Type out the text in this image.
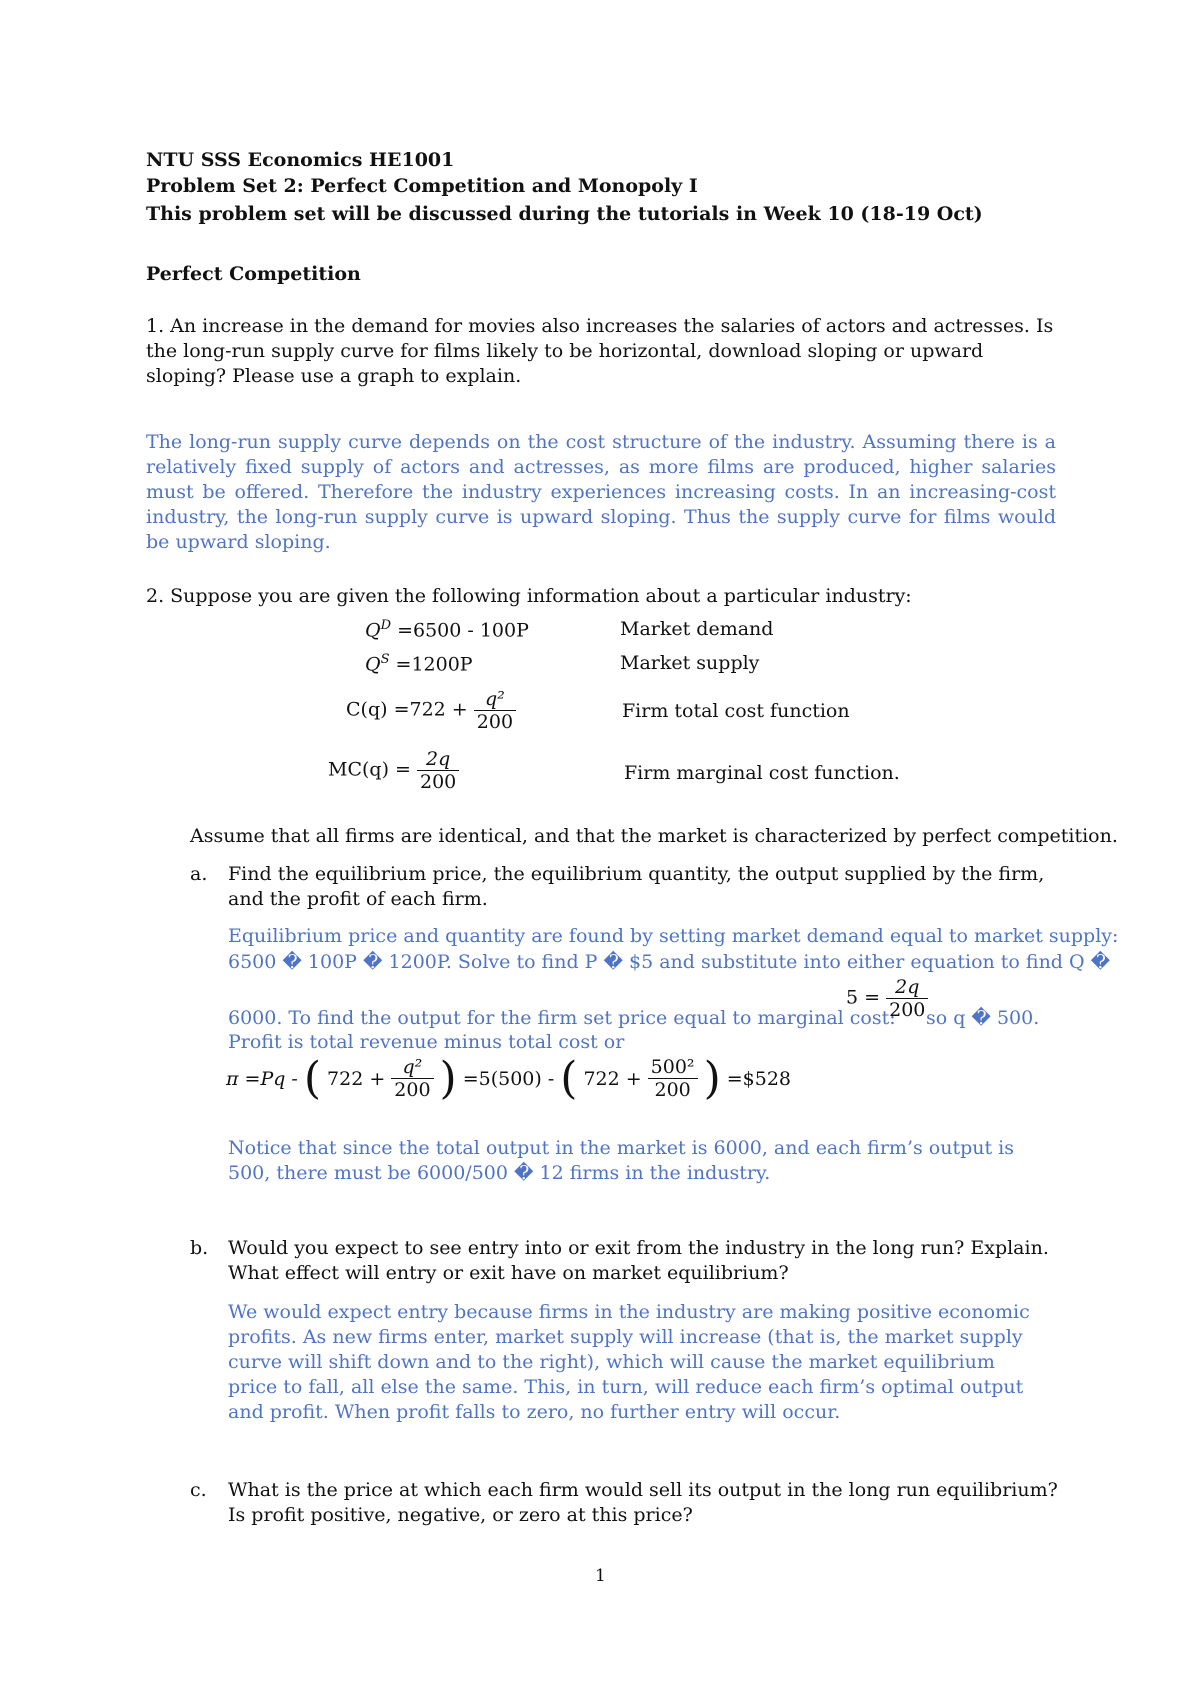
NTU SSS Economics HE1001
Problem Set 2: Perfect Competition and Monopoly I
This problem set will be discussed during the tutorials in Week 10 (18-19 Oct)
Perfect Competition
1. An increase in the demand for movies also increases the salaries of actors and actresses. Is the long-run supply curve for films likely to be horizontal, download sloping or upward sloping? Please use a graph to explain.
The long-run supply curve depends on the cost structure of the industry. Assuming there is a relatively fixed supply of actors and actresses, as more films are produced, higher salaries must be offered. Therefore the industry experiences increasing costs. In an increasing-cost industry, the long-run supply curve is upward sloping. Thus the supply curve for films would be upward sloping.
2. Suppose you are given the following information about a particular industry:
$Q^D =6500 - 100P$	Market demand
$Q^S =1200P$	Market supply
$C(q) =722 + \frac{\text{q²}}{200}$	Firm total cost function
$MC(q) = \frac{2q}{200}$	Firm marginal cost function.
Assume that all firms are identical, and that the market is characterized by perfect competition.
a. Find the equilibrium price, the equilibrium quantity, the output supplied by the firm, and the profit of each firm.
Equilibrium price and quantity are found by setting market demand equal to market supply:
6500 � 100P � 1200P. Solve to find P � $5 and substitute into either equation to find Q �
6000. To find the output for the firm set price equal to marginal cost:
$5 = \frac{2q}{200}$
so q � 500.
Profit is total revenue minus total cost or
π =Pq - ( $722 + \frac{\text{q²}}{200}$ ) =5(500) - ( $722 + \frac{\text{500²}}{200}$ ) =$528
Notice that since the total output in the market is 6000, and each firm’s output is 500, there must be 6000/500 � 12 firms in the industry.
b. Would you expect to see entry into or exit from the industry in the long run? Explain. What effect will entry or exit have on market equilibrium?
We would expect entry because firms in the industry are making positive economic profits. As new firms enter, market supply will increase (that is, the market supply curve will shift down and to the right), which will cause the market equilibrium price to fall, all else the same. This, in turn, will reduce each firm’s optimal output and profit. When profit falls to zero, no further entry will occur.
c. What is the price at which each firm would sell its output in the long run equilibrium? Is profit positive, negative, or zero at this price?
1
